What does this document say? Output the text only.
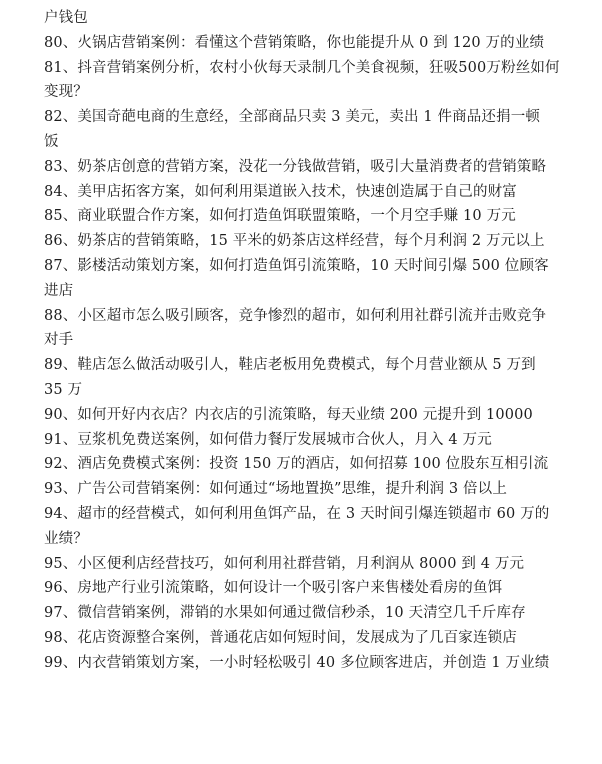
户钱包
80、火锅店营销案例：看懂这个营销策略，你也能提升从 0 到 120 万的业绩
81、抖音营销案例分析，农村小伙每天录制几个美食视频，狂吸500万粉丝如何
变现？
82、美国奇葩电商的生意经，全部商品只卖 3 美元，卖出 1 件商品还捐一顿
饭
83、奶茶店创意的营销方案，没花一分钱做营销，吸引大量消费者的营销策略
84、美甲店拓客方案，如何利用渠道嵌入技术，快速创造属于自己的财富
85、商业联盟合作方案，如何打造鱼饵联盟策略，一个月空手赚 10 万元
86、奶茶店的营销策略，15 平米的奶茶店这样经营，每个月利润 2 万元以上
87、影楼活动策划方案，如何打造鱼饵引流策略，10 天时间引爆 500 位顾客
进店
88、小区超市怎么吸引顾客，竞争惨烈的超市，如何利用社群引流并击败竞争
对手
89、鞋店怎么做活动吸引人，鞋店老板用免费模式，每个月营业额从 5 万到
35 万
90、如何开好内衣店？内衣店的引流策略，每天业绩 200 元提升到 10000
91、豆浆机免费送案例，如何借力餐厅发展城市合伙人，月入 4 万元
92、酒店免费模式案例：投资 150 万的酒店，如何招募 100 位股东互相引流
93、广告公司营销案例：如何通过“场地置换”思维，提升利润 3 倍以上
94、超市的经营模式，如何利用鱼饵产品，在 3 天时间引爆连锁超市 60 万的
业绩？
95、小区便利店经营技巧，如何利用社群营销，月利润从 8000 到 4 万元
96、房地产行业引流策略，如何设计一个吸引客户来售楼处看房的鱼饵
97、微信营销案例，滞销的水果如何通过微信秒杀，10 天清空几千斤库存
98、花店资源整合案例，普通花店如何短时间，发展成为了几百家连锁店
99、内衣营销策划方案，一小时轻松吸引 40 多位顾客进店，并创造 1 万业绩
